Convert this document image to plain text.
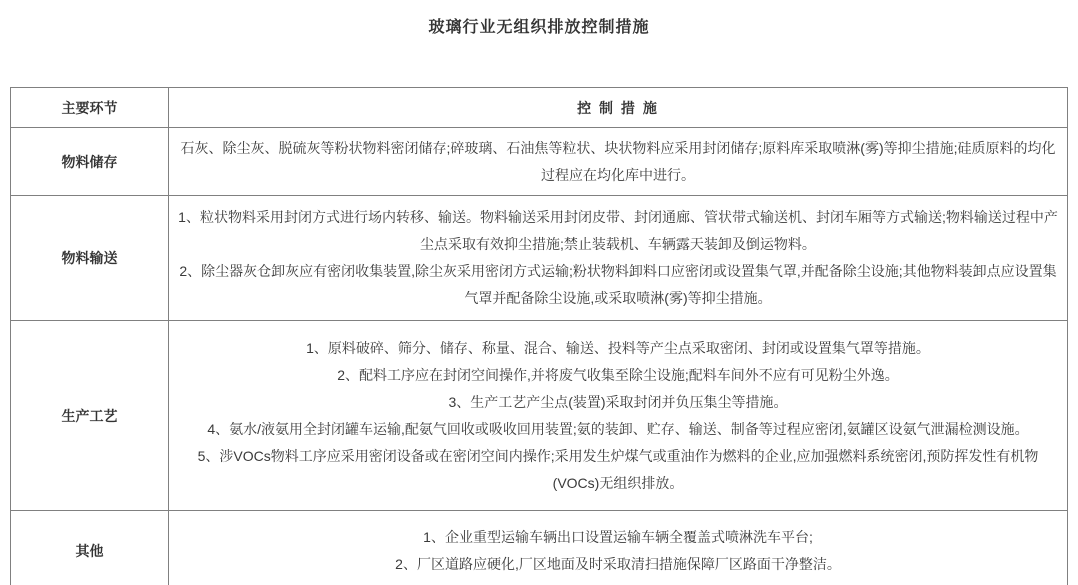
玻璃行业无组织排放控制措施
主要环节	控 制 措 施
物料储存	石灰、除尘灰、脱硫灰等粉状物料密闭储存;碎玻璃、石油焦等粒状、块状物料应采用封闭储存;原料库采取喷淋(雾)等抑尘措施;硅质原料的均化过程应在均化库中进行。

物料输送	1、粒状物料采用封闭方式进行场内转移、输送。物料输送采用封闭皮带、封闭通廊、管状带式输送机、封闭车厢等方式输送;物料输送过程中产尘点采取有效抑尘措施;禁止装载机、车辆露天装卸及倒运物料。

2、除尘器灰仓卸灰应有密闭收集装置,除尘灰采用密闭方式运输;粉状物料卸料口应密闭或设置集气罩,并配备除尘设施;其他物料装卸点应设置集气罩并配备除尘设施,或采取喷淋(雾)等抑尘措施。

生产工艺	1、原料破碎、筛分、储存、称量、混合、输送、投料等产尘点采取密闭、封闭或设置集气罩等措施。

2、配料工序应在封闭空间操作,并将废气收集至除尘设施;配料车间外不应有可见粉尘外逸。

3、生产工艺产尘点(装置)采取封闭并负压集尘等措施。

4、氨水/液氨用全封闭罐车运输,配氨气回收或吸收回用装置;氨的装卸、贮存、输送、制备等过程应密闭,氨罐区设氨气泄漏检测设施。

5、涉VOCs物料工序应采用密闭设备或在密闭空间内操作;采用发生炉煤气或重油作为燃料的企业,应加强燃料系统密闭,预防挥发性有机物(VOCs)无组织排放。

其他	1、企业重型运输车辆出口设置运输车辆全覆盖式喷淋洗车平台;

2、厂区道路应硬化,厂区地面及时采取清扫措施保障厂区路面干净整洁。
